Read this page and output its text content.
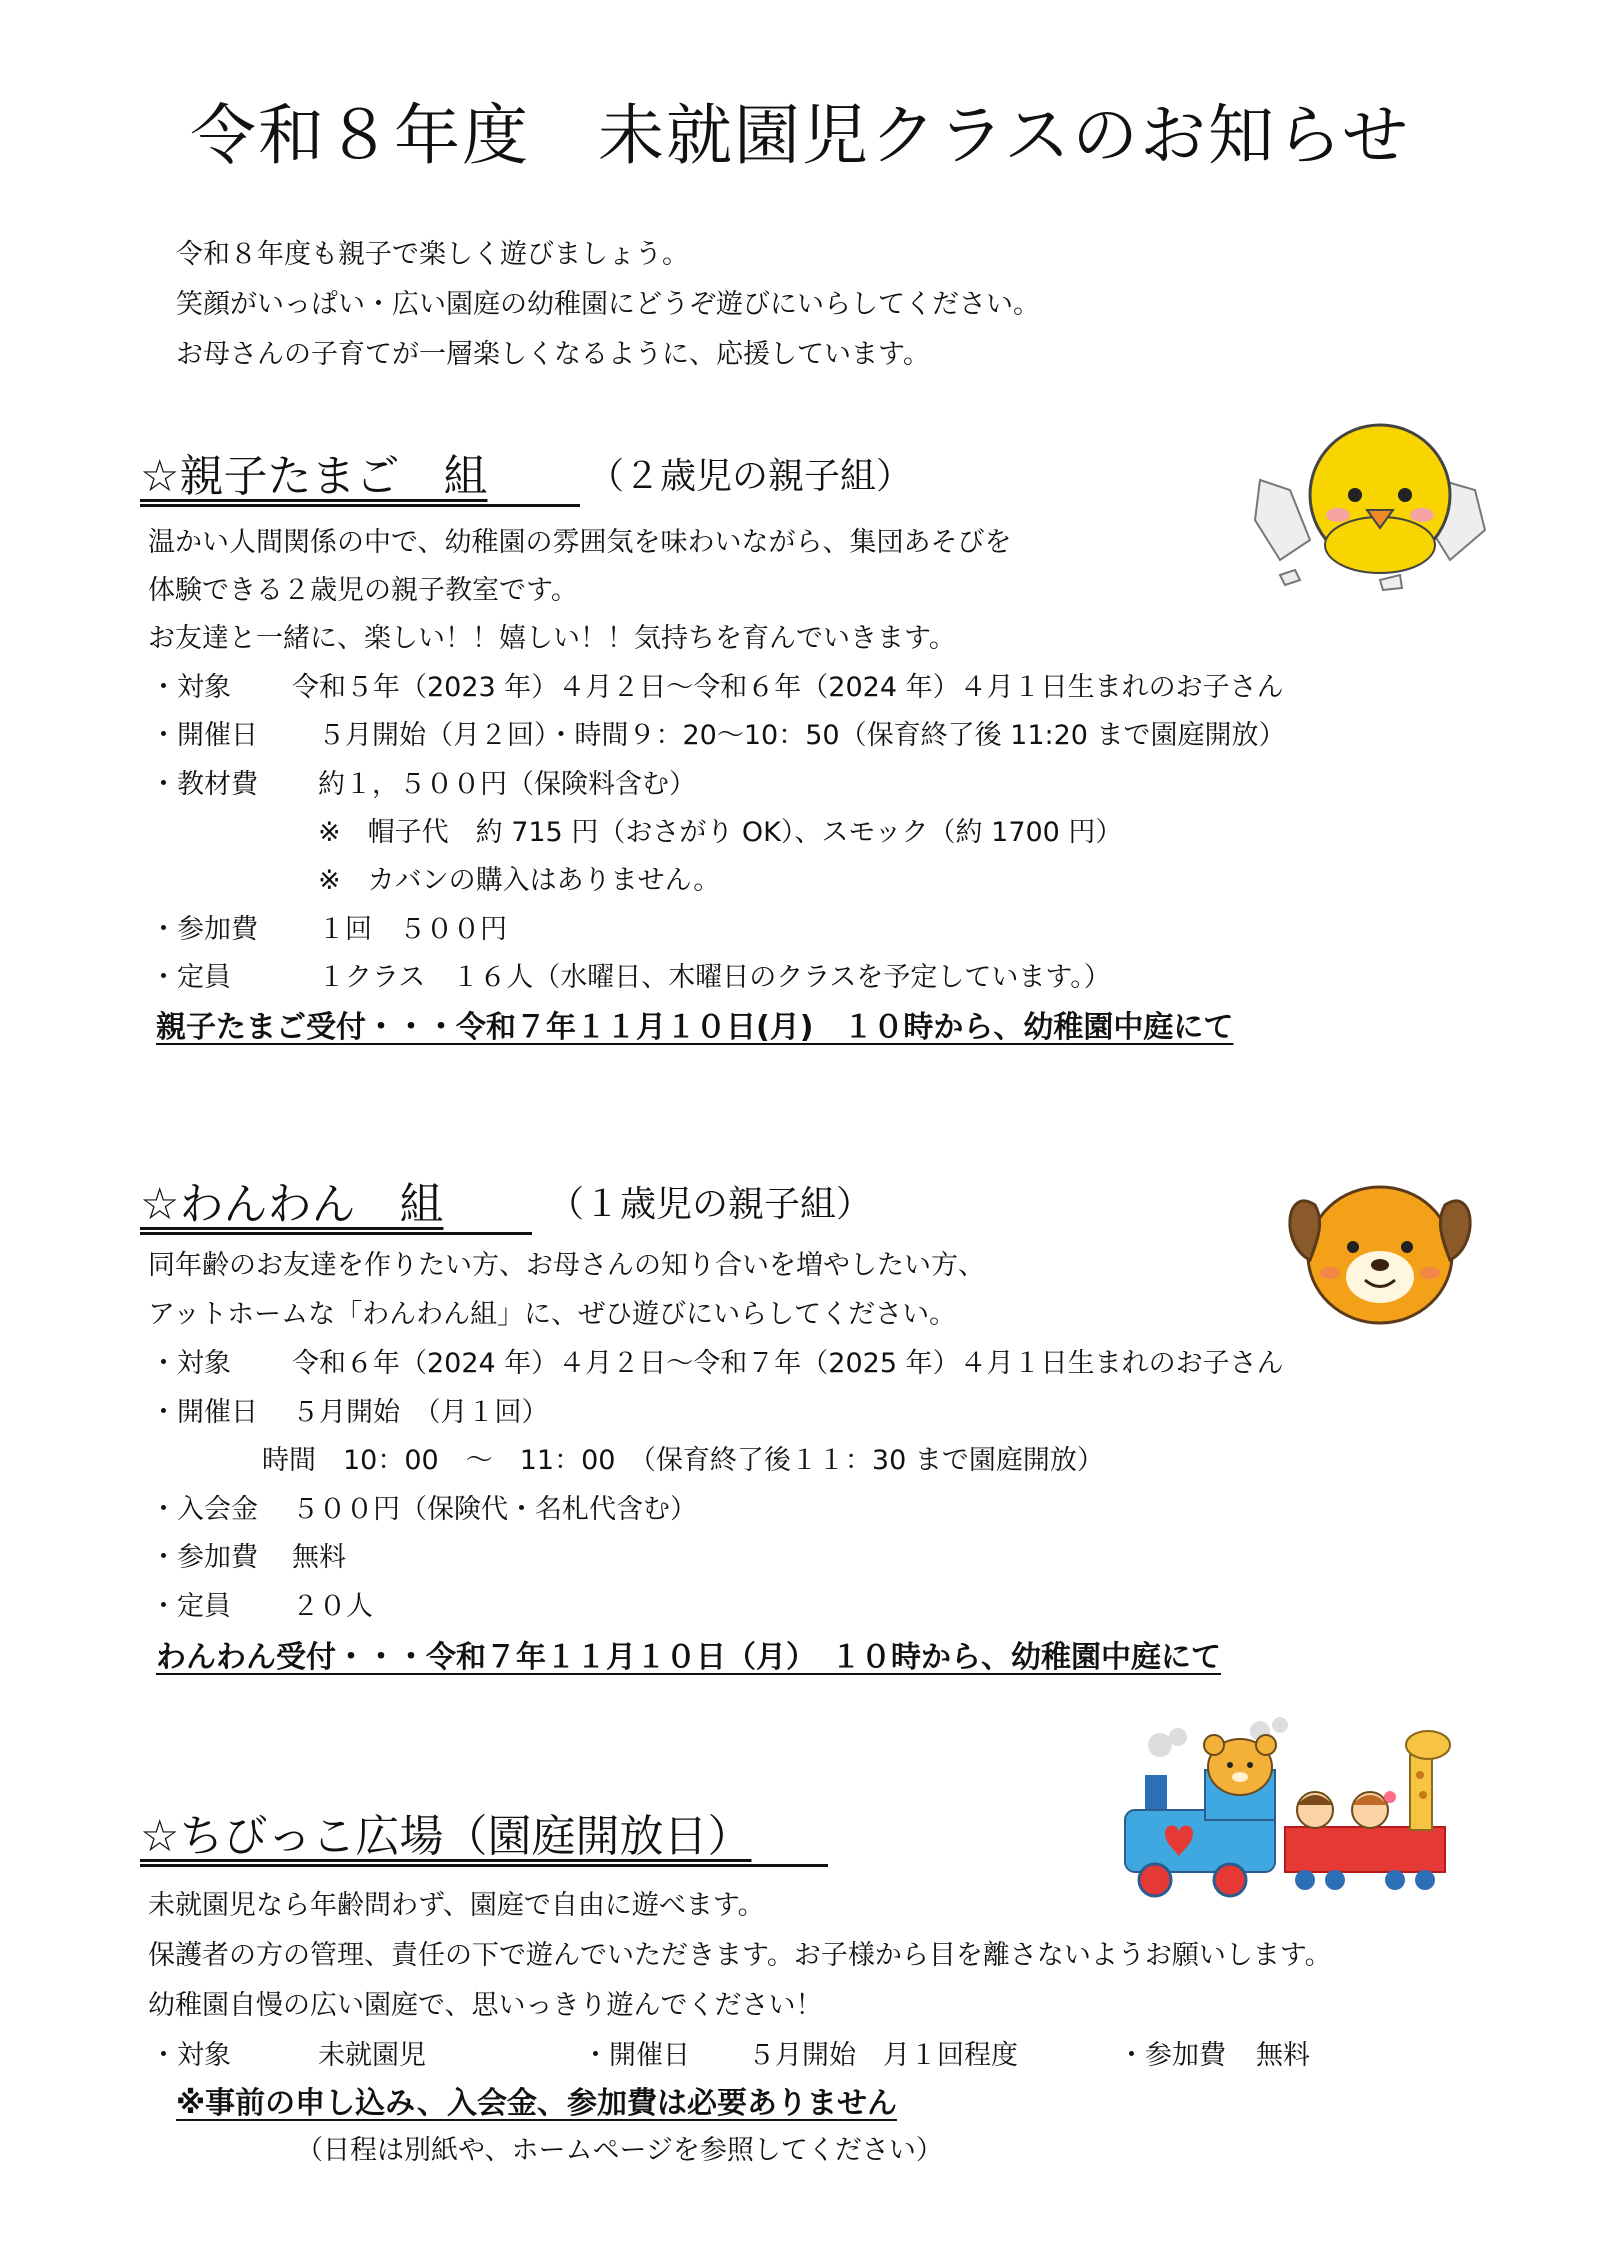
令和８年度　未就園児クラスのお知らせ
令和８年度も親子で楽しく遊びましょう。
笑顔がいっぱい・広い園庭の幼稚園にどうぞ遊びにいらしてください。
お母さんの子育てが一層楽しくなるように、応援しています。
☆親子たまご　組	（２歳児の親子組）
温かい人間関係の中で、幼稚園の雰囲気を味わいながら、集団あそびを
体験できる２歳児の親子教室です。
お友達と一緒に、楽しい！！嬉しい！！気持ちを育んでいきます。
・対象 令和５年（2023 年）４月２日～令和６年（2024 年）４月１日生まれのお子さん
・開催日 ５月開始（月２回）・時間９：20～10：50（保育終了後 11:20 まで園庭開放）
・教材費 約１，５００円（保険料含む）
※　帽子代　約 715 円（おさがり OK）、スモック（約 1700 円）
※　カバンの購入はありません。
・参加費 １回　５００円
・定員	１クラス　１６人（水曜日、木曜日のクラスを予定しています。）
親子たまご受付・・・令和７年１１月１０日(月)　１０時から、幼稚園中庭にて
☆わんわん　組	（１歳児の親子組）
同年齢のお友達を作りたい方、お母さんの知り合いを増やしたい方、
アットホームな「わんわん組」に、ぜひ遊びにいらしてください。
・対象 令和６年（2024 年）４月２日～令和７年（2025 年）４月１日生まれのお子さん
・開催日 ５月開始　（月１回）
時間　10：00　～　11：00　（保育終了後１１：30 まで園庭開放）
・入会金 ５００円（保険代・名札代含む）
・参加費 無料
・定員 ２０人
わんわん受付・・・令和７年１１月１０日（月）　１０時から、幼稚園中庭にて
☆ちびっこ広場（園庭開放日）
未就園児なら年齢問わず、園庭で自由に遊べます。
保護者の方の管理、責任の下で遊んでいただきます。お子様から目を離さないようお願いします。
幼稚園自慢の広い園庭で、思いっきり遊んでください！
・対象	未就園児	・開催日 ５月開始　月１回程度	・参加費 無料
※事前の申し込み、入会金、参加費は必要ありません
（日程は別紙や、ホームページを参照してください）
